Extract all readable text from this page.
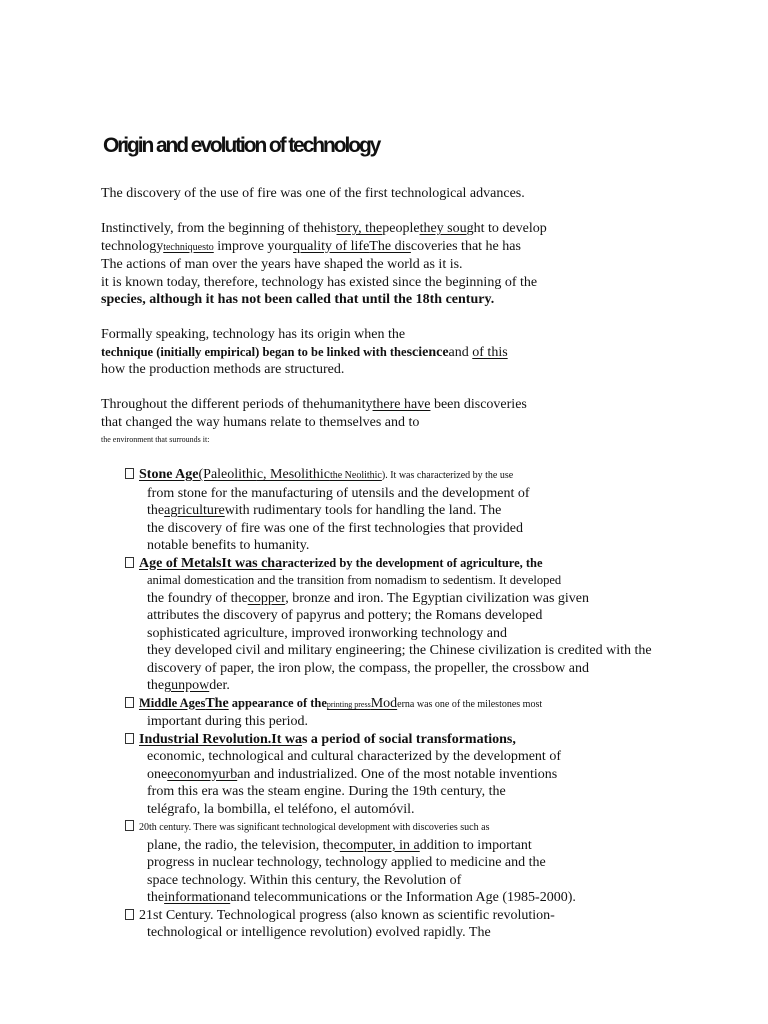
Origin and evolution of technology
The discovery of the use of fire was one of the first technological advances.
Instinctively, from the beginning of thehistory, thepeoplethey sought to develop
technologytechniquesto improve yourquality of lifeThe discoveries that he has
The actions of man over the years have shaped the world as it is.
it is known today, therefore, technology has existed since the beginning of the
species, although it has not been called that until the 18th century.
Formally speaking, technology has its origin when the
technique (initially empirical) began to be linked with thescienceand of this
how the production methods are structured.
Throughout the different periods of thehumanitythere have been discoveries
that changed the way humans relate to themselves and to
the environment that surrounds it:
Stone Age(Paleolithic, Mesolithicthe Neolithic). It was characterized by the use
from stone for the manufacturing of utensils and the development of
theagriculturewith rudimentary tools for handling the land. The
the discovery of fire was one of the first technologies that provided
notable benefits to humanity.
Age of MetalsIt was characterized by the development of agriculture, the
animal domestication and the transition from nomadism to sedentism. It developed
the foundry of thecopper, bronze and iron. The Egyptian civilization was given
attributes the discovery of papyrus and pottery; the Romans developed
sophisticated agriculture, improved ironworking technology and
they developed civil and military engineering; the Chinese civilization is credited with the
discovery of paper, the iron plow, the compass, the propeller, the crossbow and
thegunpowder.
Middle AgesThe appearance of theprinting pressModerna was one of the milestones most
important during this period.
Industrial Revolution.It was a period of social transformations,
economic, technological and cultural characterized by the development of
oneeconomyurban and industrialized. One of the most notable inventions
from this era was the steam engine. During the 19th century, the
telégrafo, la bombilla, el teléfono, el automóvil.
20th century. There was significant technological development with discoveries such as
plane, the radio, the television, thecomputer, in addition to important
progress in nuclear technology, technology applied to medicine and the
space technology. Within this century, the Revolution of
theinformationand telecommunications or the Information Age (1985-2000).
21st Century. Technological progress (also known as scientific revolution-
technological or intelligence revolution) evolved rapidly. The
